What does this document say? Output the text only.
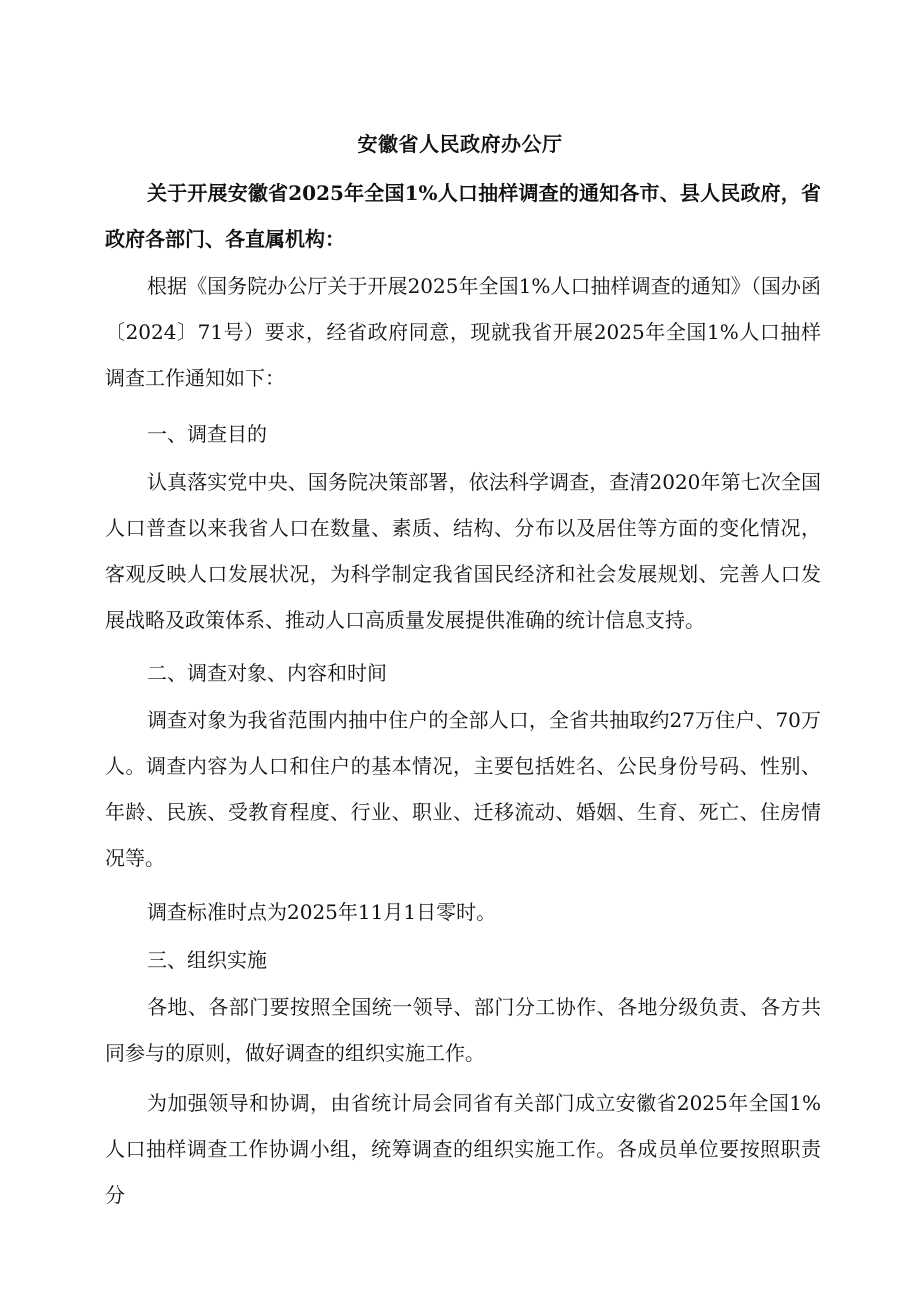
安徽省人民政府办公厅
关于开展安徽省2025年全国1%人口抽样调查的通知各市、县人民政府，省政府各部门、各直属机构：
根据《国务院办公厅关于开展2025年全国1%人口抽样调查的通知》（国办函〔2024〕71号）要求，经省政府同意，现就我省开展2025年全国1%人口抽样调查工作通知如下：
一、调查目的
认真落实党中央、国务院决策部署，依法科学调查，查清2020年第七次全国人口普查以来我省人口在数量、素质、结构、分布以及居住等方面的变化情况，客观反映人口发展状况，为科学制定我省国民经济和社会发展规划、完善人口发展战略及政策体系、推动人口高质量发展提供准确的统计信息支持。
二、调查对象、内容和时间
调查对象为我省范围内抽中住户的全部人口，全省共抽取约27万住户、70万人。调查内容为人口和住户的基本情况，主要包括姓名、公民身份号码、性别、年龄、民族、受教育程度、行业、职业、迁移流动、婚姻、生育、死亡、住房情况等。
调查标准时点为2025年11月1日零时。
三、组织实施
各地、各部门要按照全国统一领导、部门分工协作、各地分级负责、各方共同参与的原则，做好调查的组织实施工作。
为加强领导和协调，由省统计局会同省有关部门成立安徽省2025年全国1%人口抽样调查工作协调小组，统筹调查的组织实施工作。各成员单位要按照职责分
